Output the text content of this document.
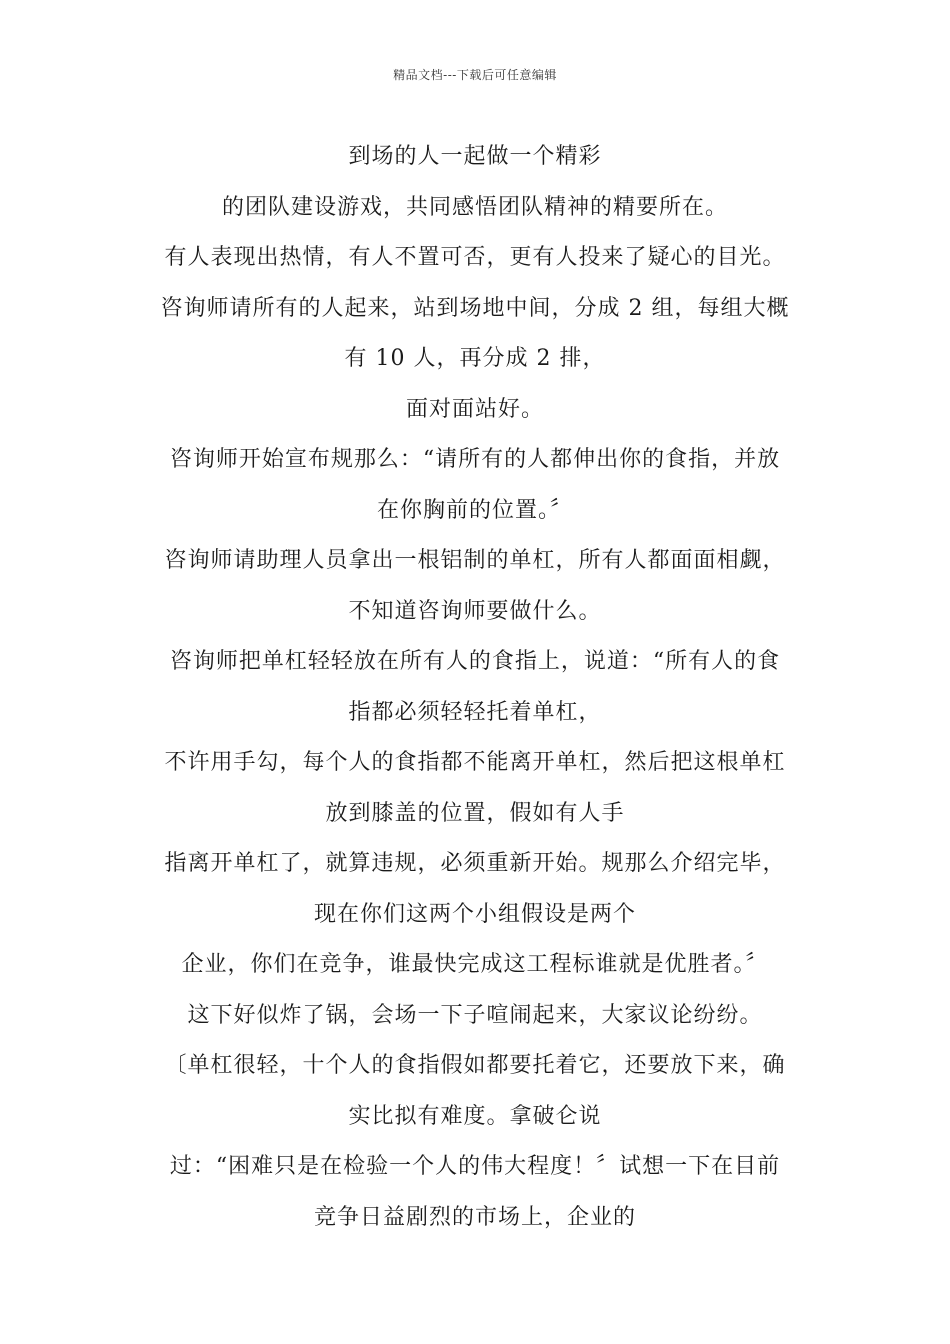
精品文档---下载后可任意编辑
到场的人一起做一个精彩
的团队建设游戏，共同感悟团队精神的精要所在。
有人表现出热情，有人不置可否，更有人投来了疑心的目光。
咨询师请所有的人起来，站到场地中间，分成 2 组，每组大概
有 10 人，再分成 2 排，
面对面站好。
咨询师开始宣布规那么：“请所有的人都伸出你的食指，并放
在你胸前的位置。〞
咨询师请助理人员拿出一根铝制的单杠，所有人都面面相觑，
不知道咨询师要做什么。
咨询师把单杠轻轻放在所有人的食指上，说道：“所有人的食
指都必须轻轻托着单杠，
不许用手勾，每个人的食指都不能离开单杠，然后把这根单杠
放到膝盖的位置，假如有人手
指离开单杠了，就算违规，必须重新开始。规那么介绍完毕，
现在你们这两个小组假设是两个
企业，你们在竞争，谁最快完成这工程标谁就是优胜者。〞
这下好似炸了锅，会场一下子喧闹起来，大家议论纷纷。
〔单杠很轻，十个人的食指假如都要托着它，还要放下来，确
实比拟有难度。拿破仑说
过：“困难只是在检验一个人的伟大程度！〞试想一下在目前
竞争日益剧烈的市场上，企业的
